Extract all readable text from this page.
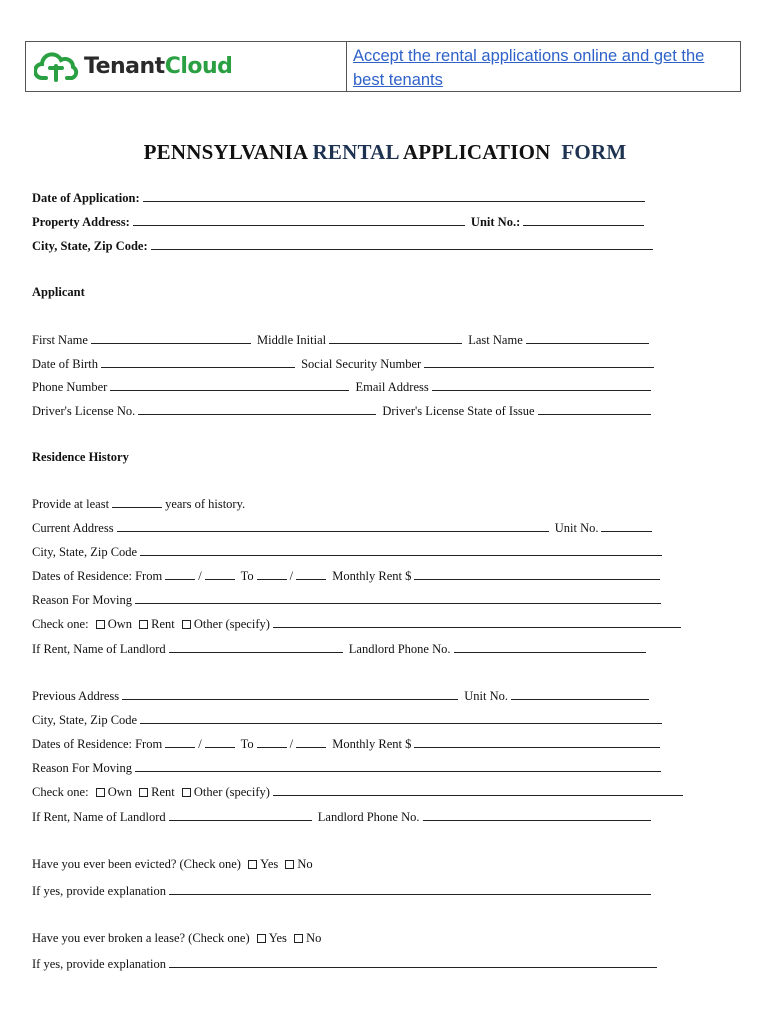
TenantCloud	Accept the rental applications online and get the best tenants
PENNSYLVANIA RENTAL APPLICATION FORM
Date of Application:
Property Address:	Unit No.:
City, State, Zip Code:
Applicant
First Name	Middle Initial	Last Name
Date of Birth	Social Security Number
Phone Number	Email Address
Driver's License No.	Driver's License State of Issue
Residence History
Provide at least	years of history.
Current Address	Unit No.
City, State, Zip Code
Dates of Residence: From	/	To	/	Monthly Rent $
Reason For Moving
Check one: Own Rent Other (specify)
If Rent, Name of Landlord	Landlord Phone No.
Previous Address	Unit No.
City, State, Zip Code
Dates of Residence: From	/	To	/	Monthly Rent $
Reason For Moving
Check one: Own Rent Other (specify)
If Rent, Name of Landlord	Landlord Phone No.
Have you ever been evicted? (Check one) Yes No
If yes, provide explanation
Have you ever broken a lease? (Check one) Yes No
If yes, provide explanation
